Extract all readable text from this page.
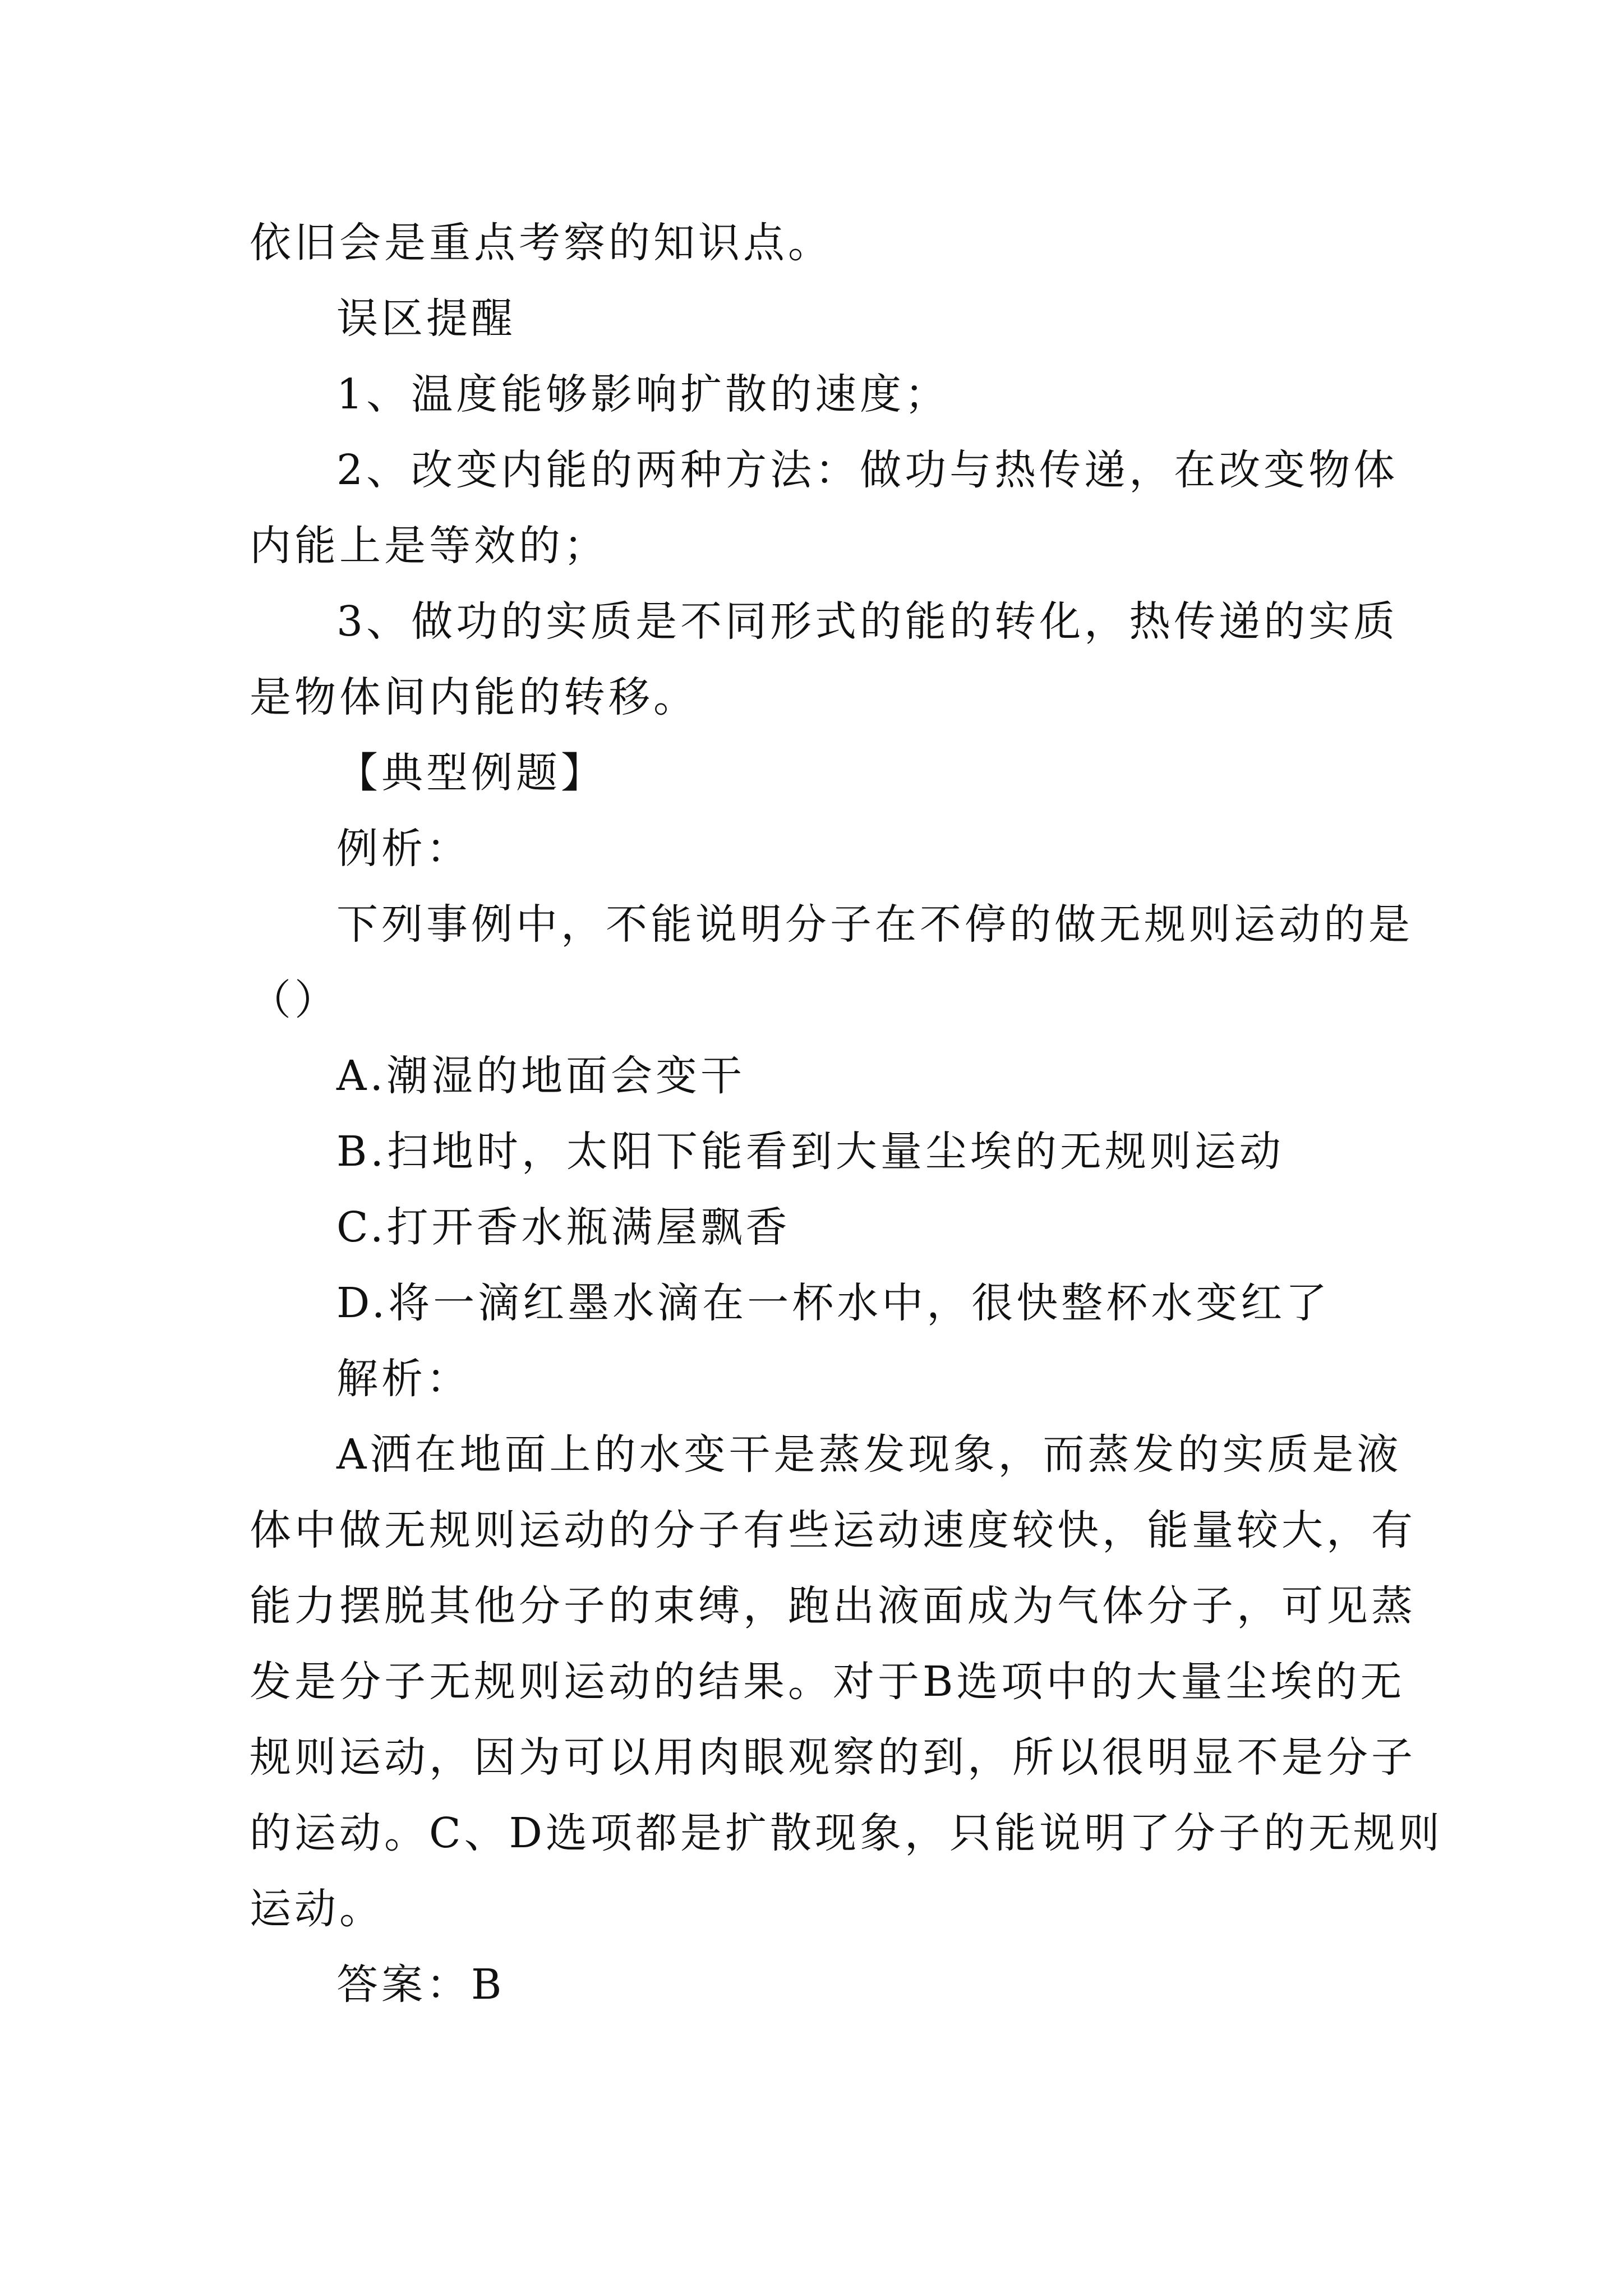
依旧会是重点考察的知识点。
误区提醒
1、温度能够影响扩散的速度；
2、改变内能的两种方法：做功与热传递，在改变物体
内能上是等效的；
3、做功的实质是不同形式的能的转化，热传递的实质
是物体间内能的转移。
【典型例题】
例析：
下列事例中，不能说明分子在不停的做无规则运动的是
（）
A.潮湿的地面会变干
B.扫地时，太阳下能看到大量尘埃的无规则运动
C.打开香水瓶满屋飘香
D.将一滴红墨水滴在一杯水中，很快整杯水变红了
解析：
A洒在地面上的水变干是蒸发现象，而蒸发的实质是液
体中做无规则运动的分子有些运动速度较快，能量较大，有
能力摆脱其他分子的束缚，跑出液面成为气体分子，可见蒸
发是分子无规则运动的结果。对于B选项中的大量尘埃的无
规则运动，因为可以用肉眼观察的到，所以很明显不是分子
的运动。C、D选项都是扩散现象，只能说明了分子的无规则
运动。
答案：B
